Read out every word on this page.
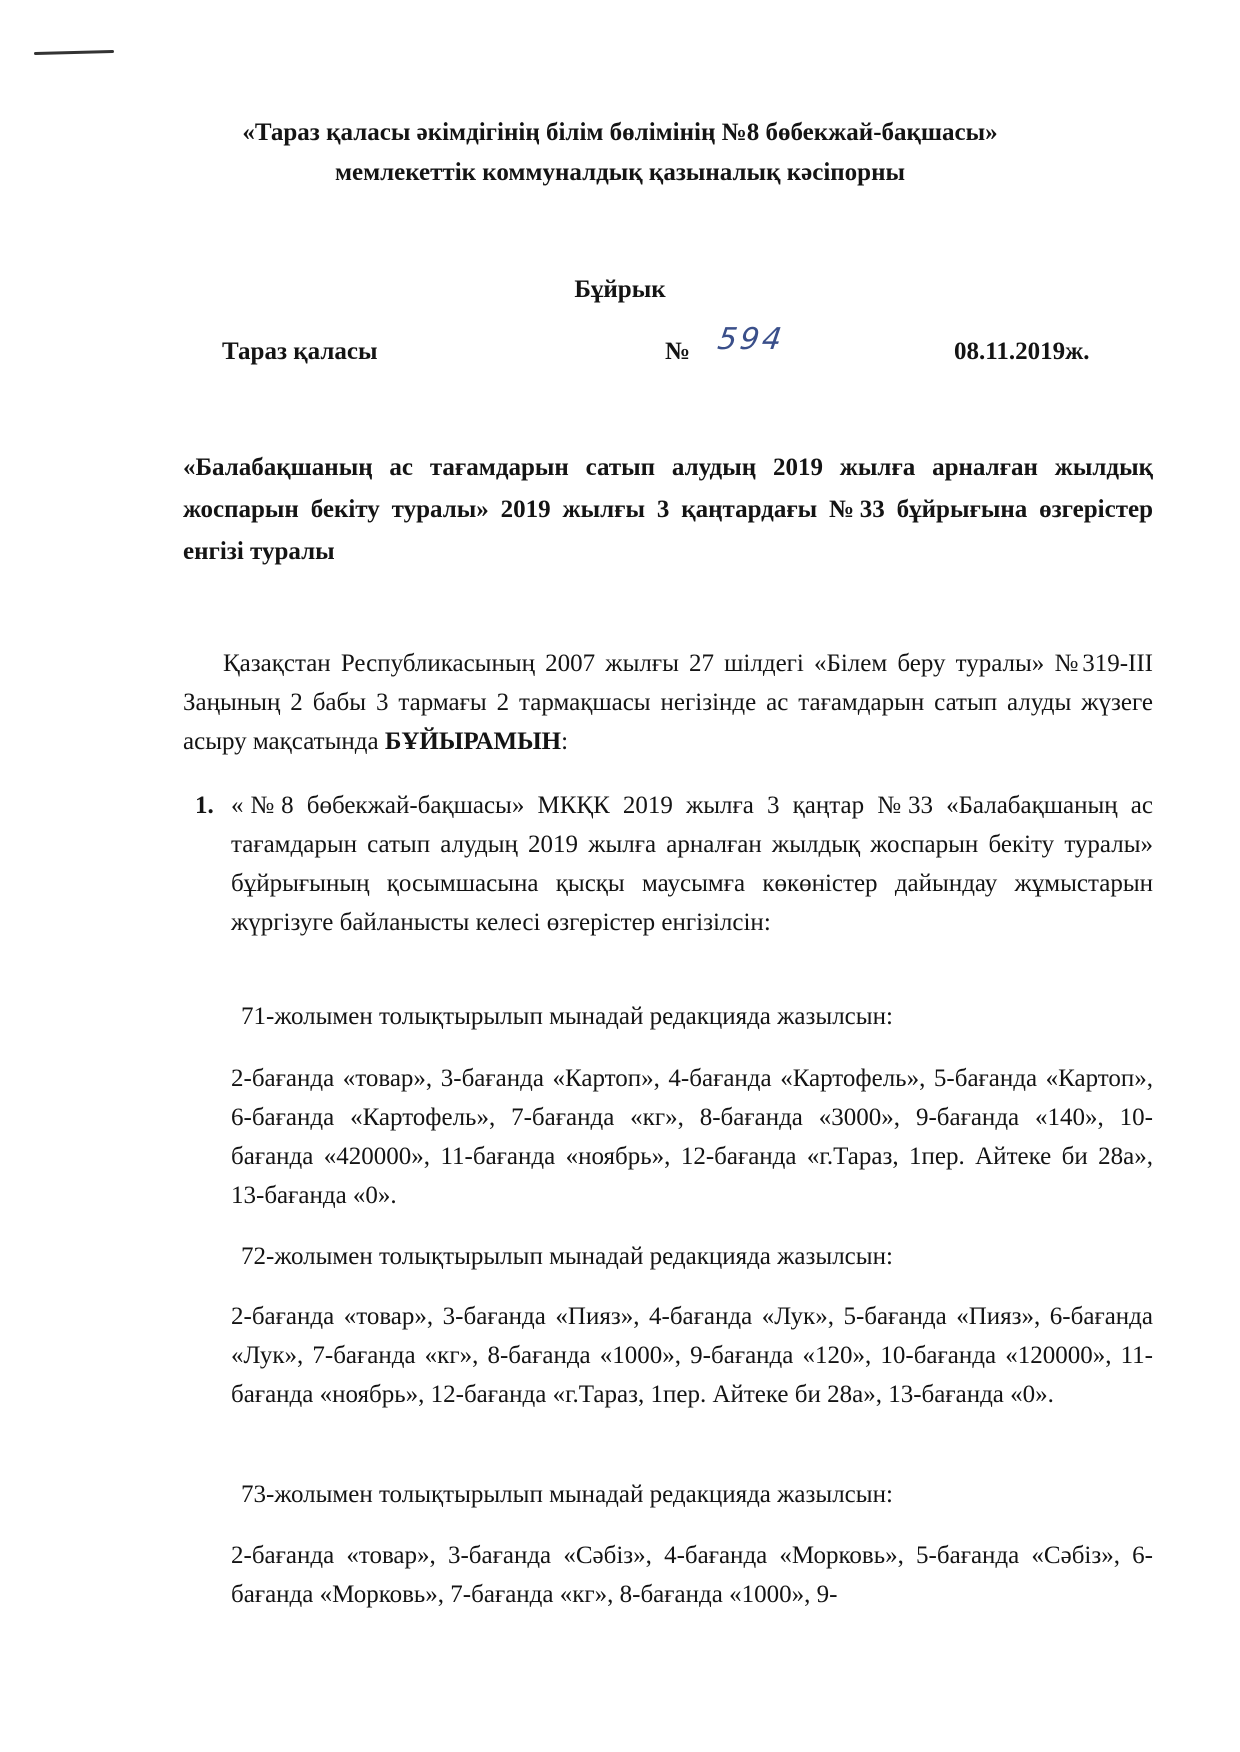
«Тараз қаласы әкімдігінің білім бөлімінің №8 бөбекжай-бақшасы»
мемлекеттік коммуналдық қазыналық кәсіпорны
Бұйрык
Тараз қаласы	№ 594	08.11.2019ж.
«Балабақшаның ас тағамдарын сатып алудың 2019 жылға арналған жылдық жоспарын бекіту туралы» 2019 жылғы 3 қаңтардағы №33 бұйрығына өзгерістер енгізі туралы
Қазақстан Республикасының 2007 жылғы 27 шілдегі «Білем беру туралы» №319-III Заңының 2 бабы 3 тармағы 2 тармақшасы негізінде ас тағамдарын сатып алуды жүзеге асыру мақсатында БҰЙЫРАМЫН:
1. «№8 бөбекжай-бақшасы» МКҚК 2019 жылға 3 қаңтар №33 «Балабақшаның ас тағамдарын сатып алудың 2019 жылға арналған жылдық жоспарын бекіту туралы» бұйрығының қосымшасына қысқы маусымға көкөністер дайындау жұмыстарын жүргізуге байланысты келесі өзгерістер енгізілсін:
71-жолымен толықтырылып мынадай редакцияда жазылсын:
2-бағанда «товар», 3-бағанда «Картоп», 4-бағанда «Картофель», 5-бағанда «Картоп», 6-бағанда «Картофель», 7-бағанда «кг», 8-бағанда «3000», 9-бағанда «140», 10-бағанда «420000», 11-бағанда «ноябрь», 12-бағанда «г.Тараз, 1пер. Айтеке би 28а», 13-бағанда «0».
72-жолымен толықтырылып мынадай редакцияда жазылсын:
2-бағанда «товар», 3-бағанда «Пияз», 4-бағанда «Лук», 5-бағанда «Пияз», 6-бағанда «Лук», 7-бағанда «кг», 8-бағанда «1000», 9-бағанда «120», 10-бағанда «120000», 11-бағанда «ноябрь», 12-бағанда «г.Тараз, 1пер. Айтеке би 28а», 13-бағанда «0».
73-жолымен толықтырылып мынадай редакцияда жазылсын:
2-бағанда «товар», 3-бағанда «Сәбіз», 4-бағанда «Морковь», 5-бағанда «Сәбіз», 6-бағанда «Морковь», 7-бағанда «кг», 8-бағанда «1000», 9-
